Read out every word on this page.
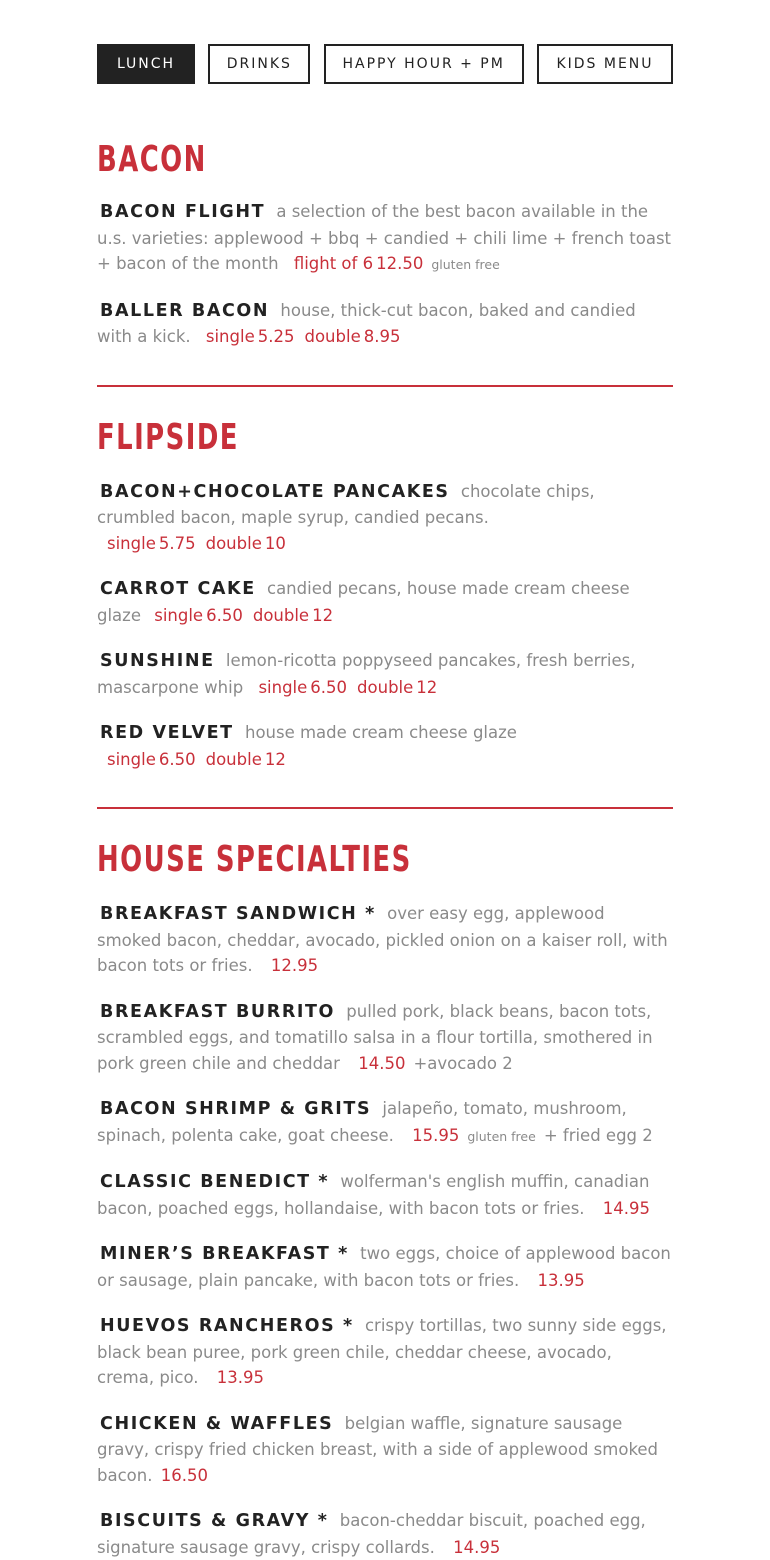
LUNCH	DRINKS	HAPPY HOUR + PM	KIDS MENU
BACON

BACON FLIGHT a selection of the best bacon available in the u.s. varieties: applewood + bbq + candied + chili lime + french toast + bacon of the month flight of 6 12.50 gluten free

BALLER BACON house, thick-cut bacon, baked and candied with a kick. single 5.25 double 8.95

FLIPSIDE

BACON+CHOCOLATE PANCAKES chocolate chips, crumbled bacon, maple syrup, candied pecans. single 5.75 double 10

CARROT CAKE candied pecans, house made cream cheese glaze single 6.50 double 12

SUNSHINE lemon-ricotta poppyseed pancakes, fresh berries, mascarpone whip single 6.50 double 12

RED VELVET house made cream cheese glaze single 6.50 double 12

HOUSE SPECIALTIES

BREAKFAST SANDWICH * over easy egg, applewood smoked bacon, cheddar, avocado, pickled onion on a kaiser roll, with bacon tots or fries. 12.95

BREAKFAST BURRITO pulled pork, black beans, bacon tots, scrambled eggs, and tomatillo salsa in a flour tortilla, smothered in pork green chile and cheddar 14.50 +avocado 2

BACON SHRIMP & GRITS jalapeño, tomato, mushroom, spinach, polenta cake, goat cheese. 15.95 gluten free + fried egg 2

CLASSIC BENEDICT * wolferman's english muffin, canadian bacon, poached eggs, hollandaise, with bacon tots or fries. 14.95

MINER’S BREAKFAST * two eggs, choice of applewood bacon or sausage, plain pancake, with bacon tots or fries. 13.95

HUEVOS RANCHEROS * crispy tortillas, two sunny side eggs, black bean puree, pork green chile, cheddar cheese, avocado, crema, pico. 13.95

CHICKEN & WAFFLES belgian waffle, signature sausage gravy, crispy fried chicken breast, with a side of applewood smoked bacon. 16.50

BISCUITS & GRAVY * bacon-cheddar biscuit, poached egg, signature sausage gravy, crispy collards. 14.95
